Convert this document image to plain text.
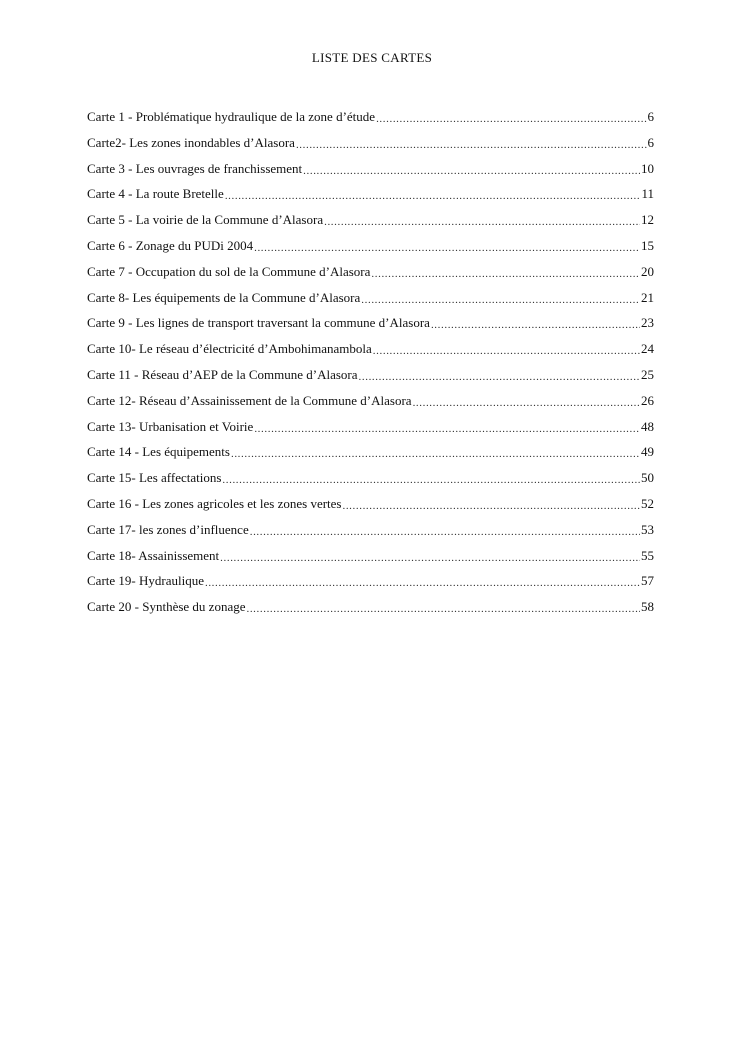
LISTE DES CARTES
Carte 1 - Problématique hydraulique de la zone d’étude .....	6
Carte2- Les zones inondables d’Alasora .....	6
Carte 3 - Les ouvrages de franchissement .....	10
Carte 4 - La route Bretelle .....	11
Carte 5 - La voirie de la Commune d’Alasora .....	12
Carte 6 - Zonage du PUDi 2004 .....	15
Carte 7 - Occupation du sol de la Commune d’Alasora .....	20
Carte 8- Les équipements de la Commune d’Alasora .....	21
Carte 9 - Les lignes de transport traversant la commune d’Alasora .....	23
Carte 10- Le réseau d’électricité d’Ambohimanambola .....	24
Carte 11 - Réseau d’AEP de la Commune d’Alasora .....	25
Carte 12- Réseau d’Assainissement de la Commune d’Alasora .....	26
Carte 13- Urbanisation et Voirie .....	48
Carte 14 - Les équipements .....	49
Carte 15- Les affectations .....	50
Carte 16 - Les zones agricoles et les zones vertes .....	52
Carte 17- les zones d’influence .....	53
Carte 18- Assainissement .....	55
Carte 19- Hydraulique .....	57
Carte 20 - Synthèse du zonage .....	58
